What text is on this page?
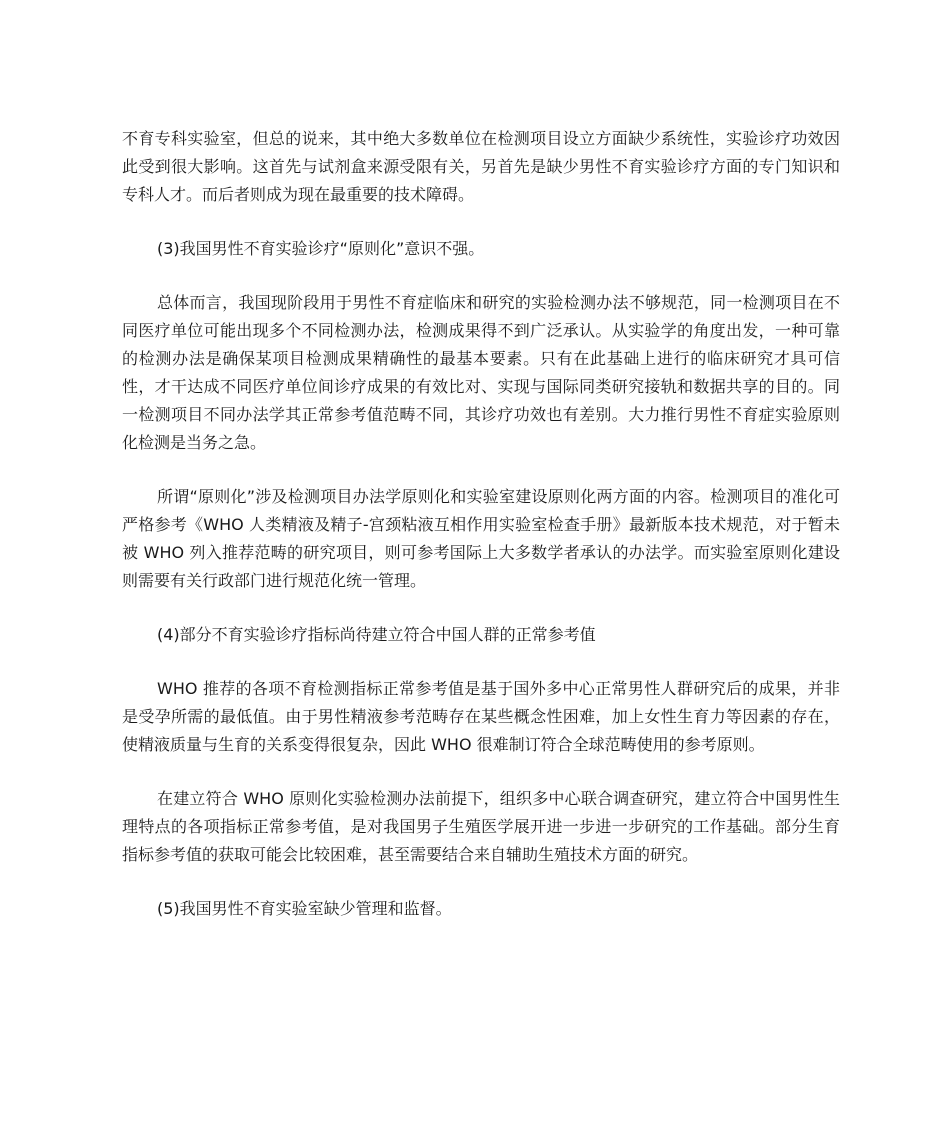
不育专科实验室，但总的说来，其中绝大多数单位在检测项目设立方面缺少系统性，实验诊疗功效因此受到很大影响。这首先与试剂盒来源受限有关，另首先是缺少男性不育实验诊疗方面的专门知识和专科人才。而后者则成为现在最重要的技术障碍。

(3)我国男性不育实验诊疗“原则化”意识不强。

总体而言，我国现阶段用于男性不育症临床和研究的实验检测办法不够规范，同一检测项目在不同医疗单位可能出现多个不同检测办法，检测成果得不到广泛承认。从实验学的角度出发，一种可靠的检测办法是确保某项目检测成果精确性的最基本要素。只有在此基础上进行的临床研究才具可信性，才干达成不同医疗单位间诊疗成果的有效比对、实现与国际同类研究接轨和数据共享的目的。同一检测项目不同办法学其正常参考值范畴不同，其诊疗功效也有差别。大力推行男性不育症实验原则化检测是当务之急。

所谓“原则化”涉及检测项目办法学原则化和实验室建设原则化两方面的内容。检测项目的准化可严格参考《WHO 人类精液及精子-宫颈粘液互相作用实验室检查手册》最新版本技术规范，对于暂未被 WHO 列入推荐范畴的研究项目，则可参考国际上大多数学者承认的办法学。而实验室原则化建设则需要有关行政部门进行规范化统一管理。

(4)部分不育实验诊疗指标尚待建立符合中国人群的正常参考值

WHO 推荐的各项不育检测指标正常参考值是基于国外多中心正常男性人群研究后的成果，并非是受孕所需的最低值。由于男性精液参考范畴存在某些概念性困难，加上女性生育力等因素的存在，使精液质量与生育的关系变得很复杂，因此 WHO 很难制订符合全球范畴使用的参考原则。

在建立符合 WHO 原则化实验检测办法前提下，组织多中心联合调查研究，建立符合中国男性生理特点的各项指标正常参考值，是对我国男子生殖医学展开进一步进一步研究的工作基础。部分生育指标参考值的获取可能会比较困难，甚至需要结合来自辅助生殖技术方面的研究。

(5)我国男性不育实验室缺少管理和监督。
